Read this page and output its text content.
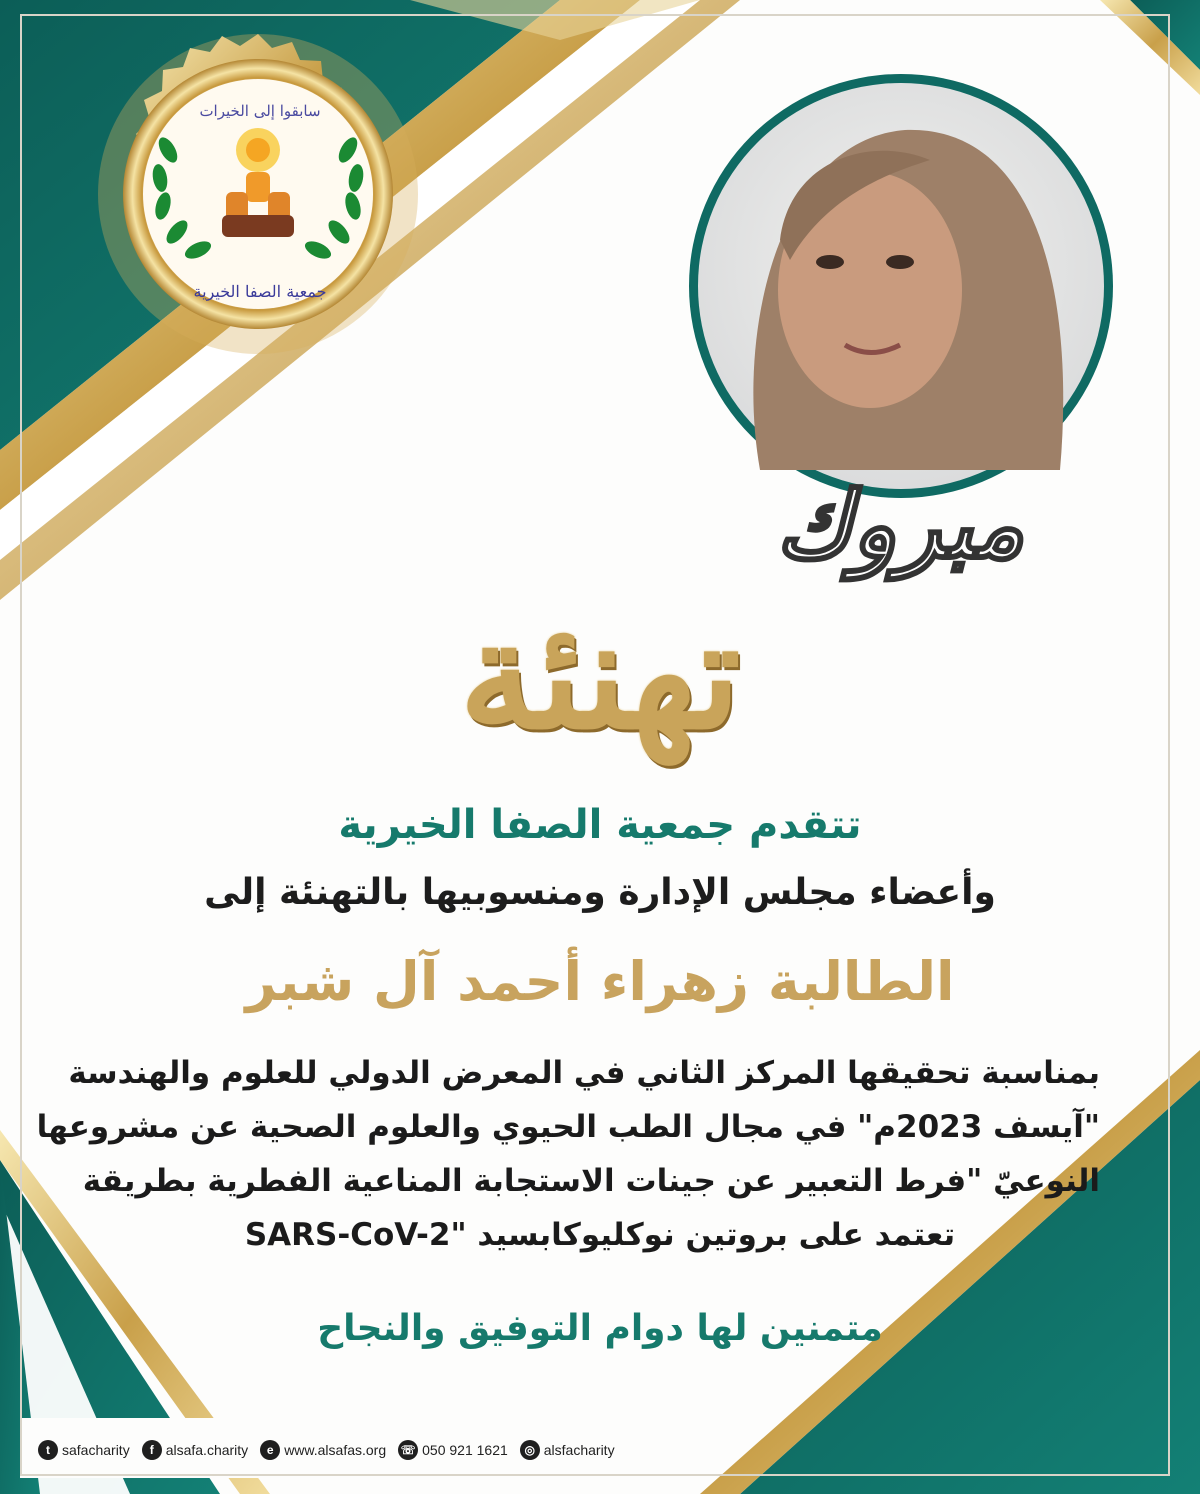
سابقوا إلى الخيرات
جمعية الصفا الخيرية
مبروك
تهنئة
تتقدم جمعية الصفا الخيرية
وأعضاء مجلس الإدارة ومنسوبيها بالتهنئة إلى
الطالبة زهراء أحمد آل شبر
بمناسبة تحقيقها المركز الثاني في المعرض الدولي للعلوم والهندسة
"آيسف 2023م" في مجال الطب الحيوي والعلوم الصحية عن مشروعها
النوعيّ "فرط التعبير عن جينات الاستجابة المناعية الفطرية بطريقة
تعتمد على بروتين نوكليوكابسيد "SARS-CoV-2
متمنين لها دوام التوفيق والنجاح
t safacharity	f alsafa.charity	e www.alsafas.org ☏ 050 921 1621	◎ alsfacharity
